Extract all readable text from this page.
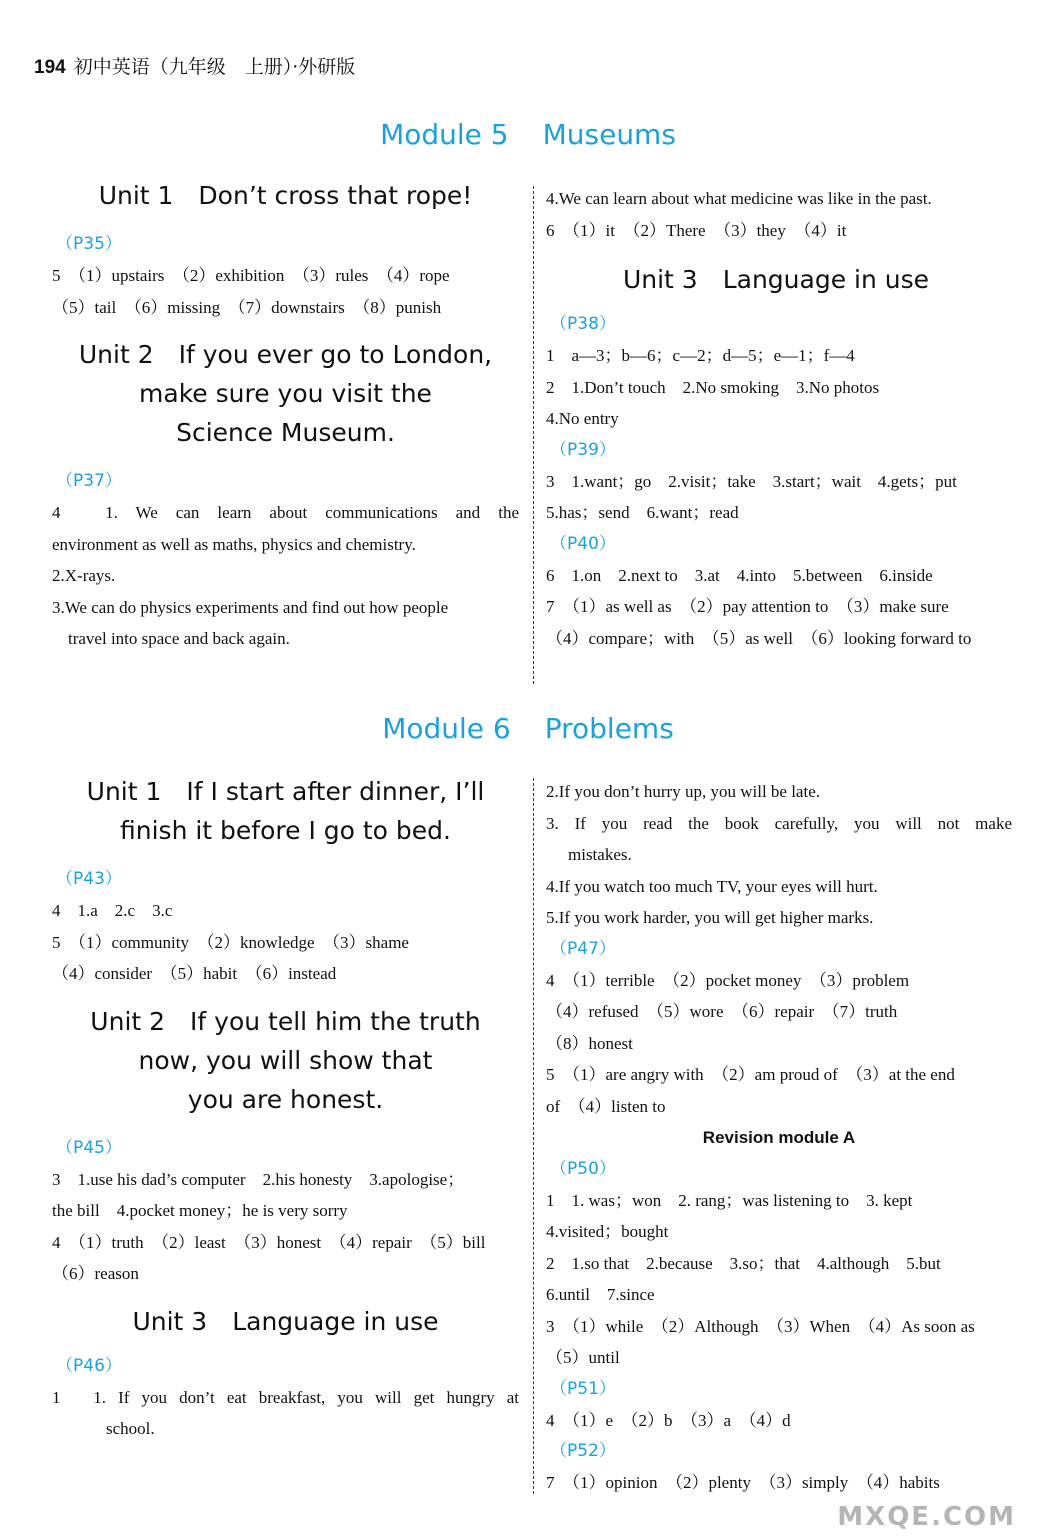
194 初中英语（九年级　上册）·外研版
Module 5 Museums
Unit 1　Don’t cross that rope!
（P35）
5　（1）upstairs　（2）exhibition　（3）rules　（4）rope
（5）tail　（6）missing　（7）downstairs　（8）punish
Unit 2　If you ever go to London,
make sure you visit the
Science Museum.
（P37）
4　1. We can learn about communications and the
environment as well as maths, physics and chemistry.
2.X-rays.
3.We can do physics experiments and find out how people
travel into space and back again.
4.We can learn about what medicine was like in the past.
6　（1）it　（2）There　（3）they　（4）it
Unit 3　Language in use
（P38）
1　a—3；b—6；c—2；d—5；e—1；f—4
2　1.Don’t touch　2.No smoking　3.No photos
4.No entry
（P39）
3　1.want；go　2.visit；take　3.start；wait　4.gets；put
5.has；send　6.want；read
（P40）
6　1.on　2.next to　3.at　4.into　5.between　6.inside
7　（1）as well as　（2）pay attention to　（3）make sure
（4）compare；with　（5）as well　（6）looking forward to
Module 6 Problems
Unit 1　If I start after dinner, I’ll
finish it before I go to bed.
（P43）
4　1.a　2.c　3.c
5　（1）community　（2）knowledge　（3）shame
（4）consider　（5）habit　（6）instead
Unit 2　If you tell him the truth
now, you will show that
you are honest.
（P45）
3　1.use his dad’s computer　2.his honesty　3.apologise；
the bill　4.pocket money；he is very sorry
4　（1）truth　（2）least　（3）honest　（4）repair　（5）bill
（6）reason
Unit 3　Language in use
（P46）
1　1. If you don’t eat breakfast, you will get hungry at
school.
2.If you don’t hurry up, you will be late.
3. If you read the book carefully, you will not make
mistakes.
4.If you watch too much TV, your eyes will hurt.
5.If you work harder, you will get higher marks.
（P47）
4　（1）terrible　（2）pocket money　（3）problem
（4）refused　（5）wore　（6）repair　（7）truth
（8）honest
5　（1）are angry with　（2）am proud of　（3）at the end
of　（4）listen to
Revision module A
（P50）
1　1. was；won　2. rang；was listening to　3. kept
4.visited；bought
2　1.so that　2.because　3.so；that　4.although　5.but
6.until　7.since
3　（1）while　（2）Although　（3）When　（4）As soon as
（5）until
（P51）
4　（1）e　（2）b　（3）a　（4）d
（P52）
7　（1）opinion　（2）plenty　（3）simply　（4）habits
MXQE.COM
